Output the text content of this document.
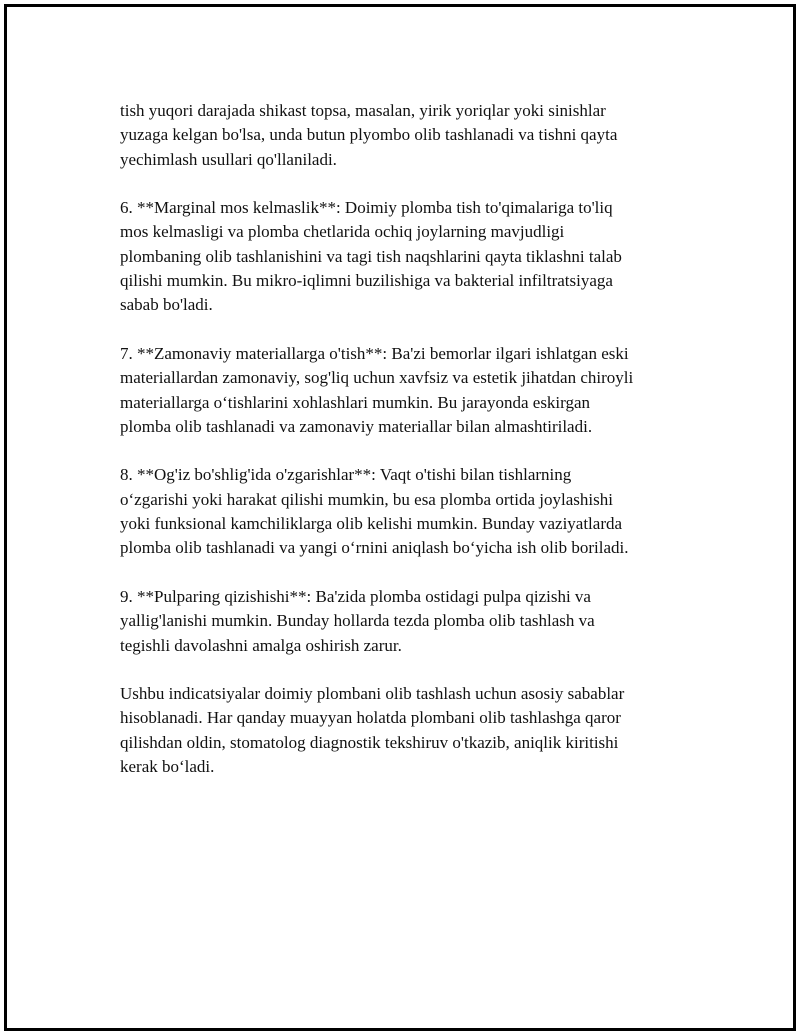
tish yuqori darajada shikast topsa, masalan, yirik yoriqlar yoki sinishlar
yuzaga kelgan bo'lsa, unda butun plyombo olib tashlanadi va tishni qayta
yechimlash usullari qo'llaniladi.

6. **Marginal mos kelmaslik**: Doimiy plomba tish to'qimalariga to'liq
mos kelmasligi va plomba chetlarida ochiq joylarning mavjudligi
plombaning olib tashlanishini va tagi tish naqshlarini qayta tiklashni talab
qilishi mumkin. Bu mikro-iqlimni buzilishiga va bakterial infiltratsiyaga
sabab bo'ladi.

7. **Zamonaviy materiallarga o'tish**: Ba'zi bemorlar ilgari ishlatgan eski
materiallardan zamonaviy, sog'liq uchun xavfsiz va estetik jihatdan chiroyli
materiallarga o‘tishlarini xohlashlari mumkin. Bu jarayonda eskirgan
plomba olib tashlanadi va zamonaviy materiallar bilan almashtiriladi.

8. **Og'iz bo'shlig'ida o'zgarishlar**: Vaqt o'tishi bilan tishlarning
o‘zgarishi yoki harakat qilishi mumkin, bu esa plomba ortida joylashishi
yoki funksional kamchiliklarga olib kelishi mumkin. Bunday vaziyatlarda
plomba olib tashlanadi va yangi o‘rnini aniqlash bo‘yicha ish olib boriladi.

9. **Pulparing qizishishi**: Ba'zida plomba ostidagi pulpa qizishi va
yallig'lanishi mumkin. Bunday hollarda tezda plomba olib tashlash va
tegishli davolashni amalga oshirish zarur.

Ushbu indicatsiyalar doimiy plombani olib tashlash uchun asosiy sabablar
hisoblanadi. Har qanday muayyan holatda plombani olib tashlashga qaror
qilishdan oldin, stomatolog diagnostik tekshiruv o'tkazib, aniqlik kiritishi
kerak bo‘ladi.
